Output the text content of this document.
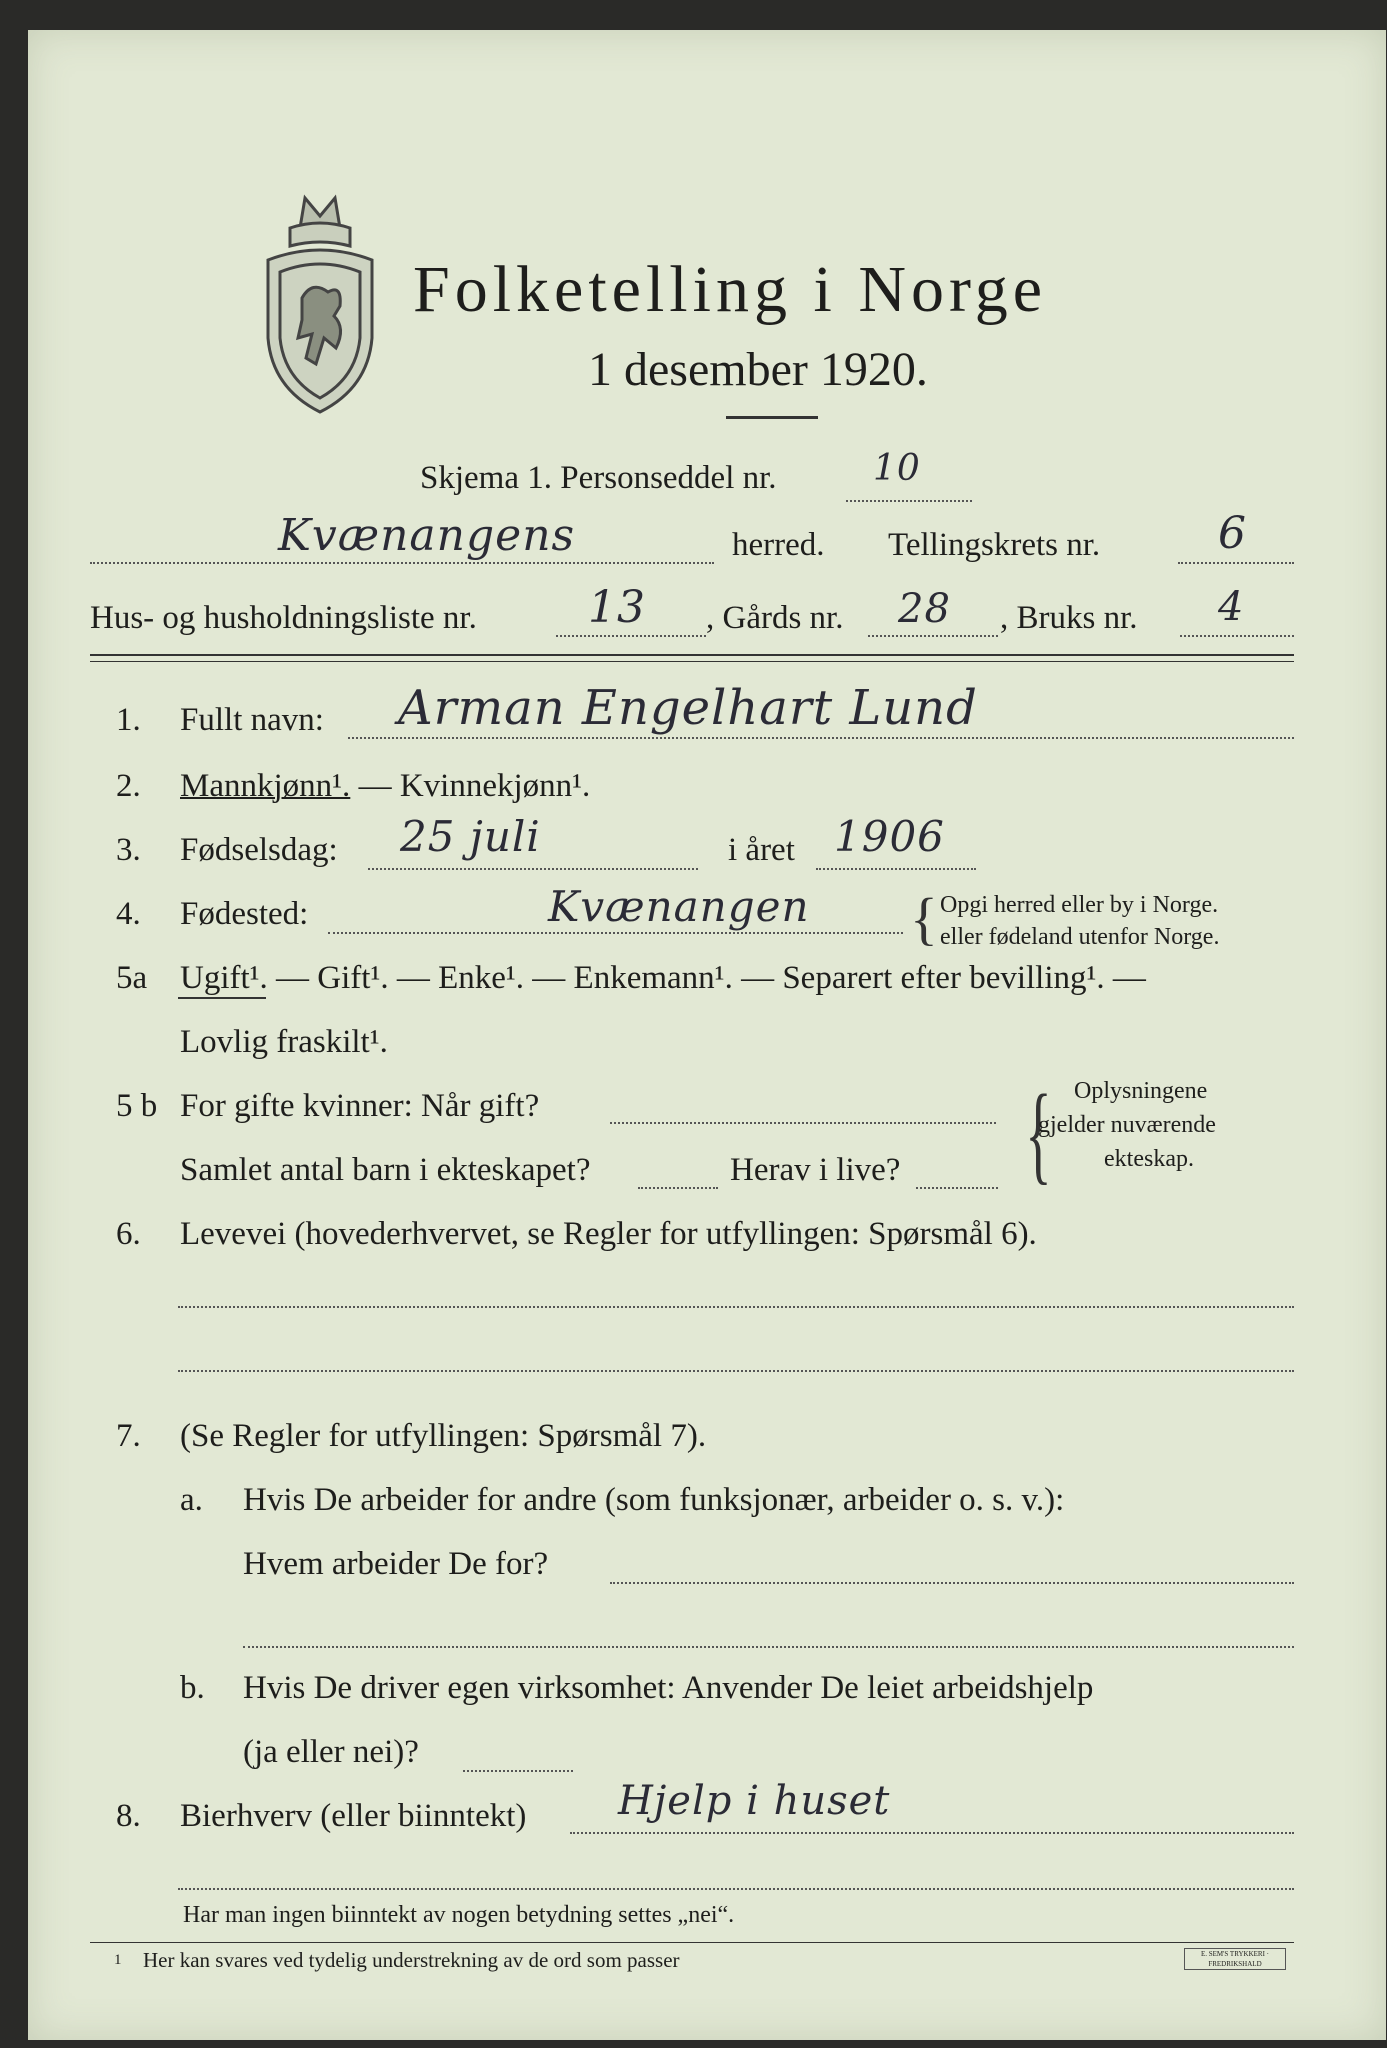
Folketelling i Norge
1 desember 1920.
Skjema 1. Personseddel nr.	10
Kvænangens	herred. Tellingskrets nr.	6
Hus- og husholdningsliste nr.	13 , Gårds nr. 28 , Bruks nr. 4
1. Fullt navn: Arman Engelhart Lund
2. Mannkjønn¹. — Kvinnekjønn¹.
3. Fødselsdag: 25 juli	i året 1906
4. Fødested:	Kvænangen { Opgi herred eller by i Norge.
eller fødeland utenfor Norge.
5a Ugift¹. — Gift¹. — Enke¹. — Enkemann¹. — Separert efter bevilling¹. —
Lovlig fraskilt¹.
5 b For gifte kvinner: Når gift?
Samlet antal barn i ekteskapet?	Herav i live? { Oplysningene
gjelder nuværende
ekteskap.
6. Levevei (hovederhvervet, se Regler for utfyllingen: Spørsmål 6).
7. (Se Regler for utfyllingen: Spørsmål 7).
a. Hvis De arbeider for andre (som funksjonær, arbeider o. s. v.):
Hvem arbeider De for?
b. Hvis De driver egen virksomhet: Anvender De leiet arbeidshjelp
(ja eller nei)?
8. Bierhverv (eller biinntekt) Hjelp i huset
Har man ingen biinntekt av nogen betydning settes „nei“.
1 Her kan svares ved tydelig understrekning av de ord som passer	E. SEM'S TRYKKERI · FREDRIKSHALD
